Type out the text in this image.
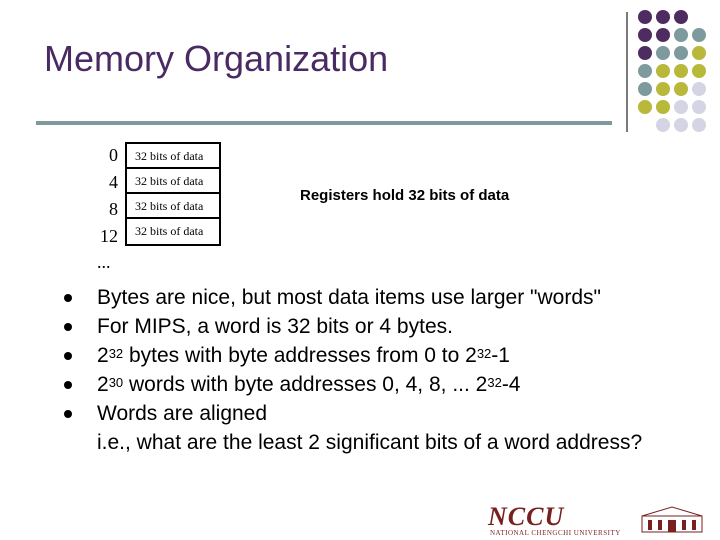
Memory Organization
0
4
8
12
...
32 bits of data
32 bits of data
32 bits of data
32 bits of data
Registers hold 32 bits of data
Bytes are nice, but most data items use larger "words"
For MIPS, a word is 32 bits or 4 bytes.
$2^{32}$ bytes with byte addresses from 0 to $2^{32}-1$
$2^{30}$ words with byte addresses 0, 4, 8, ... $2^{32}-4$
Words are aligned
i.e., what are the least 2 significant bits of a word address?
NCCU
NATIONAL CHENGCHI UNIVERSITY
